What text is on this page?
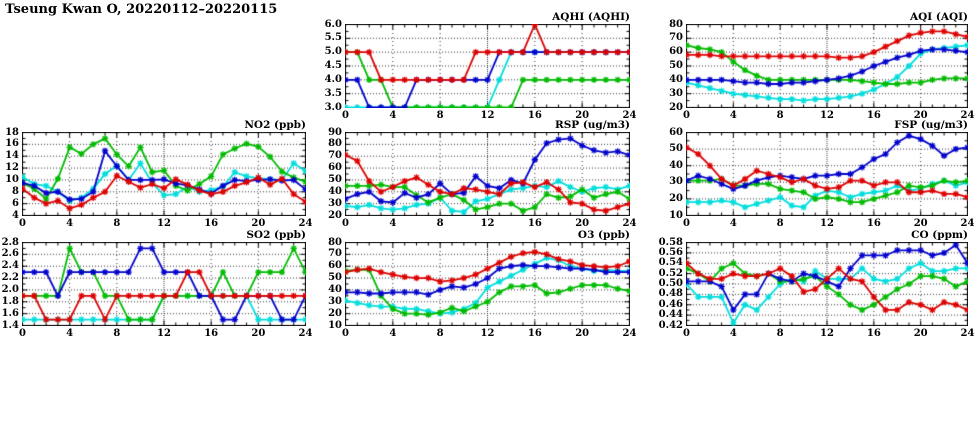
Tseung Kwan O, 20220112–20220115	AQHI (AQHI)
3.0
3.5
4.0
4.5
5.0
5.5
6.0
0	4	8	12	16	20	24
AQI (AQI)
20
30
40
50
60
70
80
0	4	8	12	16	20	24
NO2 (ppb)
4
6
8
10
12
14
16
18
0	4	8	12	16	20	24
RSP (ug/m3)
20
30
40
50
60
70
80
90
0	4	8	12	16	20	24
FSP (ug/m3)
10
20
30
40
50
60
0	4	8	12	16	20	24
SO2 (ppb)
1.4
1.6
1.8
2.0
2.2
2.4
2.6
2.8
0	4	8	12	16	20	24
O3 (ppb)
10
20
30
40
50
60
70
80
0	4	8	12	16	20	24
CO (ppm)
0.42
0.44
0.46
0.48
0.50
0.52
0.54
0.56
0.58
0	4	8	12	16	20	24
